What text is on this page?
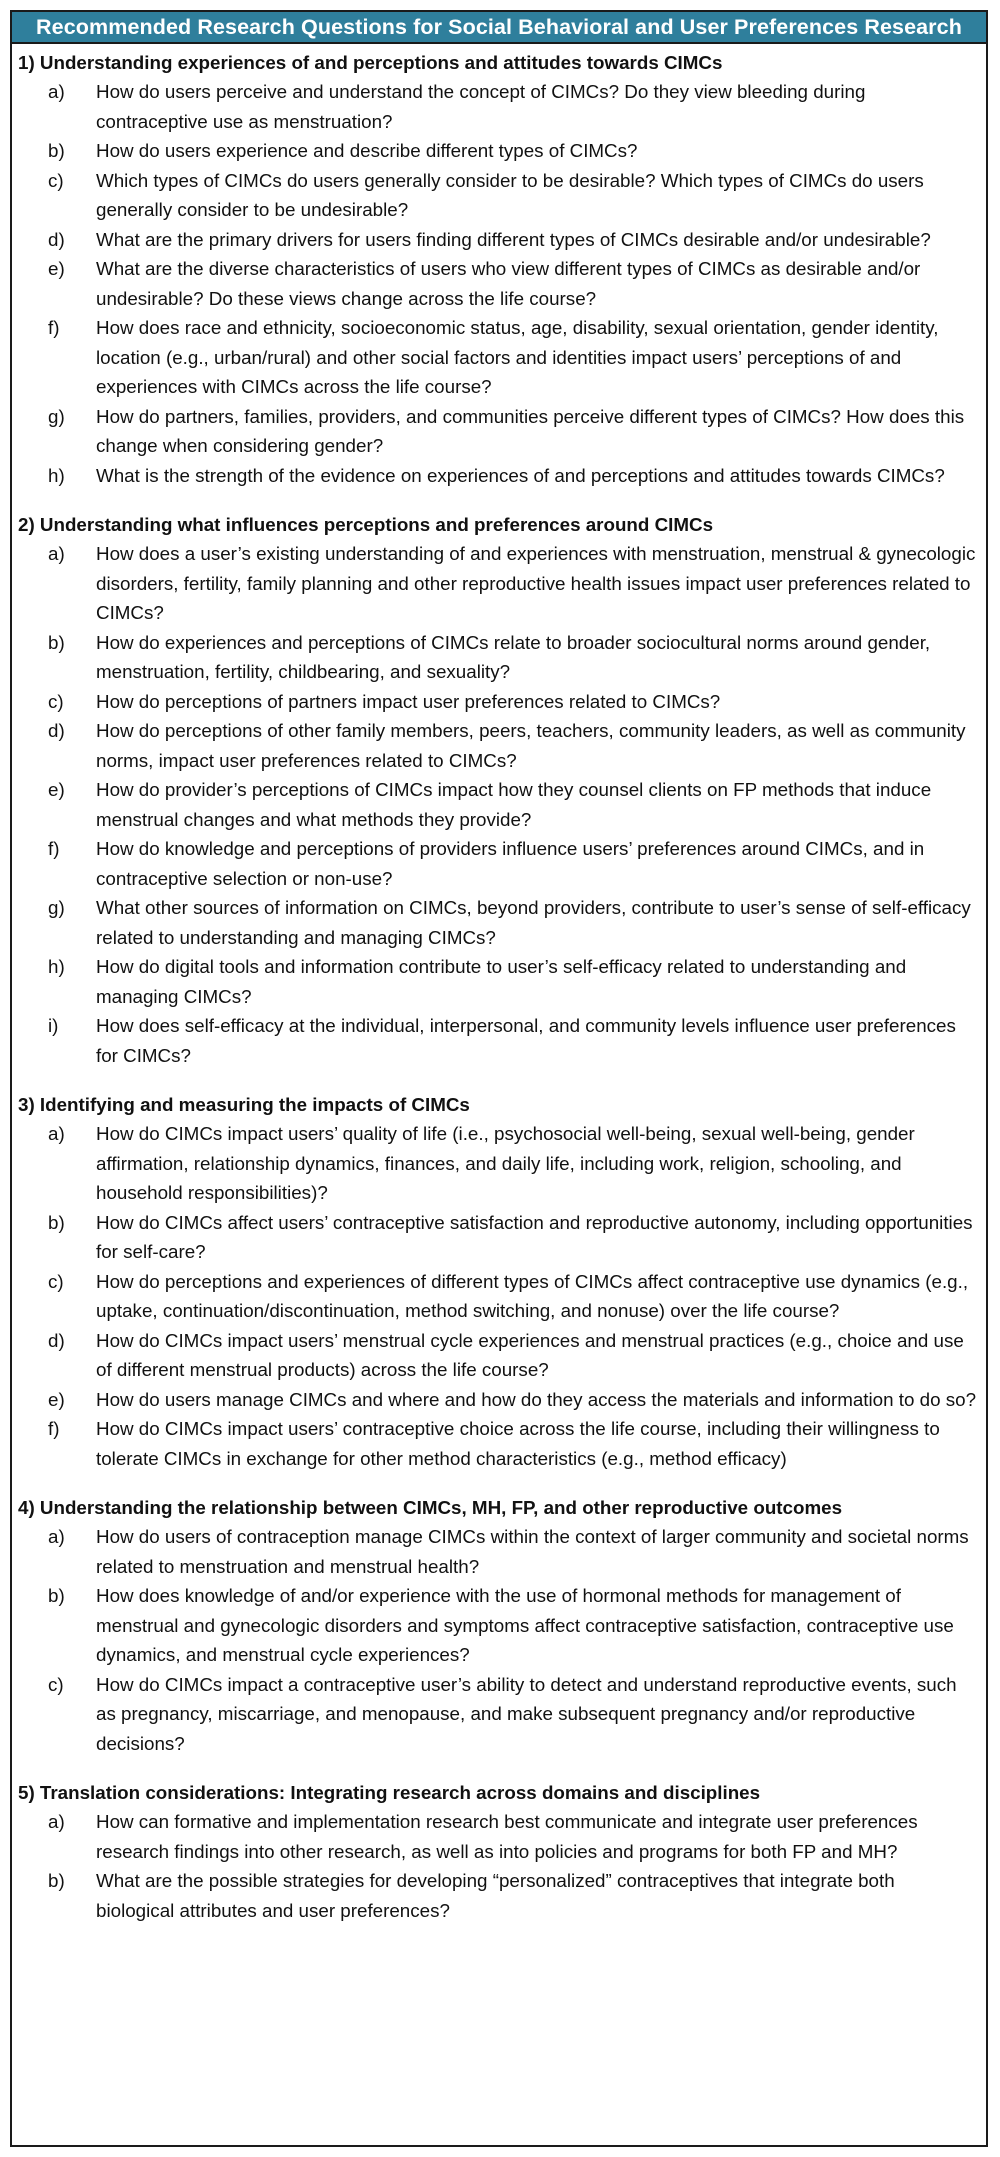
Recommended Research Questions for Social Behavioral and User Preferences Research
1) Understanding experiences of and perceptions and attitudes towards CIMCs
a)	How do users perceive and understand the concept of CIMCs? Do they view bleeding during contraceptive use as menstruation?
b)	How do users experience and describe different types of CIMCs?
c)	Which types of CIMCs do users generally consider to be desirable? Which types of CIMCs do users generally consider to be undesirable?
d)	What are the primary drivers for users finding different types of CIMCs desirable and/or undesirable?
e)	What are the diverse characteristics of users who view different types of CIMCs as desirable and/or undesirable? Do these views change across the life course?
f)	How does race and ethnicity, socioeconomic status, age, disability, sexual orientation, gender identity, location (e.g., urban/rural) and other social factors and identities impact users’ perceptions of and experiences with CIMCs across the life course?
g)	How do partners, families, providers, and communities perceive different types of CIMCs? How does this change when considering gender?
h)	What is the strength of the evidence on experiences of and perceptions and attitudes towards CIMCs?
2) Understanding what influences perceptions and preferences around CIMCs
a)	How does a user’s existing understanding of and experiences with menstruation, menstrual & gynecologic disorders, fertility, family planning and other reproductive health issues impact user preferences related to CIMCs?
b)	How do experiences and perceptions of CIMCs relate to broader sociocultural norms around gender, menstruation, fertility, childbearing, and sexuality?
c)	How do perceptions of partners impact user preferences related to CIMCs?
d)	How do perceptions of other family members, peers, teachers, community leaders, as well as community norms, impact user preferences related to CIMCs?
e)	How do provider’s perceptions of CIMCs impact how they counsel clients on FP methods that induce menstrual changes and what methods they provide?
f)	How do knowledge and perceptions of providers influence users’ preferences around CIMCs, and in contraceptive selection or non-use?
g)	What other sources of information on CIMCs, beyond providers, contribute to user’s sense of self-efficacy related to understanding and managing CIMCs?
h)	How do digital tools and information contribute to user’s self-efficacy related to understanding and managing CIMCs?
i)	How does self-efficacy at the individual, interpersonal, and community levels influence user preferences for CIMCs?
3) Identifying and measuring the impacts of CIMCs
a)	How do CIMCs impact users’ quality of life (i.e., psychosocial well-being, sexual well-being, gender affirmation, relationship dynamics, finances, and daily life, including work, religion, schooling, and household responsibilities)?
b)	How do CIMCs affect users’ contraceptive satisfaction and reproductive autonomy, including opportunities for self-care?
c)	How do perceptions and experiences of different types of CIMCs affect contraceptive use dynamics (e.g., uptake, continuation/discontinuation, method switching, and nonuse) over the life course?
d)	How do CIMCs impact users’ menstrual cycle experiences and menstrual practices (e.g., choice and use of different menstrual products) across the life course?
e)	How do users manage CIMCs and where and how do they access the materials and information to do so?
f)	How do CIMCs impact users’ contraceptive choice across the life course, including their willingness to tolerate CIMCs in exchange for other method characteristics (e.g., method efficacy)
4) Understanding the relationship between CIMCs, MH, FP, and other reproductive outcomes
a)	How do users of contraception manage CIMCs within the context of larger community and societal norms related to menstruation and menstrual health?
b)	How does knowledge of and/or experience with the use of hormonal methods for management of menstrual and gynecologic disorders and symptoms affect contraceptive satisfaction, contraceptive use dynamics, and menstrual cycle experiences?
c)	How do CIMCs impact a contraceptive user’s ability to detect and understand reproductive events, such as pregnancy, miscarriage, and menopause, and make subsequent pregnancy and/or reproductive decisions?
5) Translation considerations: Integrating research across domains and disciplines
a)	How can formative and implementation research best communicate and integrate user preferences research findings into other research, as well as into policies and programs for both FP and MH?
b)	What are the possible strategies for developing “personalized” contraceptives that integrate both biological attributes and user preferences?
